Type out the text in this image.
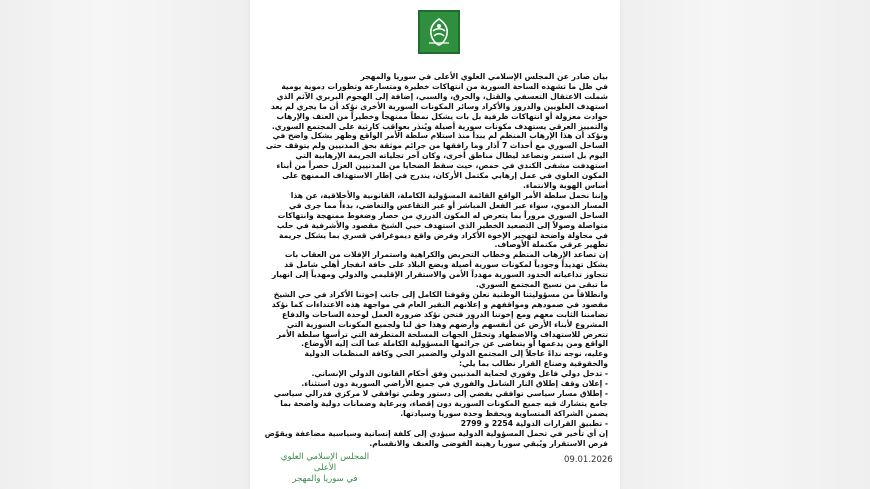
بيان صادر عن المجلس الإسلامي العلوي الأعلى في سوريا والمهجر

في ظل ما تشهده الساحة السورية من انتهاكات خطيرة ومتسارعة وتطورات دموية يومية شملت الاعتقال التعسفي والقتل، والحرق، والسبي، إضافة إلى الهجوم البربري الآثم الذي استهدف العلويين والدروز والأكراد وسائر المكونات السورية الأخرى نؤكد أن ما يجري لم يعد حوادث معزولة أو انتهاكات ظرفية بل بات يشكل نمطاً ممنهجاً وخطيراً من العنف والإرهاب والتمييز العرقي يستهدف مكونات سورية أصيلة ويُنذر بعواقب كارثية على المجتمع السوري.

ونؤكد أن هذا الإرهاب المنظم لم يبدأ منذ استلام سلطة الأمر الواقع وظهر بشكل واضح في الساحل السوري مع أحداث 7 آذار وما رافقها من جرائم موثقة بحق المدنيين ولم يتوقف حتى اليوم بل استمر وتصاعد ليطال مناطق أخرى، وكان آخر تجلياته الجريمة الإرهابية التي استهدفت مشفى الكندي في حمص، حيث سقط الضحايا من المدنيين العزل حصراً من أبناء المكون العلوي في عمل إرهابي مكتمل الأركان، يندرج في إطار الاستهداف الممنهج على أساس الهوية والانتماء.

وإننا نحمل سلطة الأمر الواقع القائمة المسؤولية الكاملة، القانونية والأخلاقية، عن هذا المسار الدموي، سواء عبر الفعل المباشر أو عبر التقاعس والتغاضي، بدءاً مما جرى في الساحل السوري مروراً بما يتعرض له المكون الدرزي من حصار وضغوط ممنهجة وانتهاكات متواصلة وصولاً إلى التصعيد الخطير الذي استهدف حيي الشيخ مقصود والأشرفية في حلب في محاولة واضحة لتهجير الإخوة الأكراد وفرض واقع ديموغرافي قسري بما يشكل جريمة تطهير عرقي مكتملة الأوصاف.

إن تصاعد الإرهاب المنظم وخطاب التحريض والكراهية واستمرار الإفلات من العقاب بات يشكل تهديداً وجودياً لمكونات سورية أصيلة ويضع البلاد على حافة انفجار أهلي شامل قد تتجاوز تداعياته الحدود السورية مهدداً الأمن والاستقرار الإقليمي والدولي ومهدياً إلى انهيار ما تبقى من نسيج المجتمع السوري.

وانطلاقاً من مسؤوليتنا الوطنية نعلن وقوفنا الكامل إلى جانب إخوتنا الأكراد في حي الشيخ مقصود في صمودهم ومواقفهم و إعلانهم النفير العام في مواجهة هذه الاعتداءات كما نؤكد تضامننا الثابت معهم ومع إخوتنا الدروز فنحن نؤكد ضرورة العمل لوحدة الساحات والدفاع المشروع لأبناء الأرض عن أنفسهم وأرضهم وهذا حق لنا ولجميع المكونات السورية التي تتعرض للاستهداف والاضطهاد وتحمّل الجهات المسلحة المتطرفة التي ترأسها سلطة الأمر الواقع ومن يدعمها أو يتغاضى عن جرائمها المسؤولية الكاملة عما آلت إليه الأوضاع.

وعليه، نوجه نداءً عاجلاً إلى المجتمع الدولي والضمير الحي وكافة المنظمات الدولية والحقوقية وصناع القرار نطالب بما يلي:

- تدخل دولي فاعل وفوري لحماية المدنيين وفق أحكام القانون الدولي الإنساني.
- إعلان وقف إطلاق النار الشامل والفوري في جميع الأراضي السورية دون استثناء.
- إطلاق مسار سياسي توافقي يفضي إلى دستور وطني توافقي لا مركزي فدرالي سياسي جامع يتشارك فيه جميع المكونات السورية دون إقصاء، وبرعاية وضمانات دولية واضحة بما يضمن الشراكة المتساوية ويحفظ وحدة سوريا وسيادتها.
- تطبيق القرارات الدولية 2254 و 2799

إن أي تأخير في تحمل المسؤولية الدولية سيؤدي إلى كلفة إنسانية وسياسية مضاعفة ويقوّض فرص الاستقرار ويُبقي سوريا رهينة الفوضى والعنف والانقسام.

المجلس الإسلامي العلوي الأعلى
في سوريا والمهجر
09.01.2026
